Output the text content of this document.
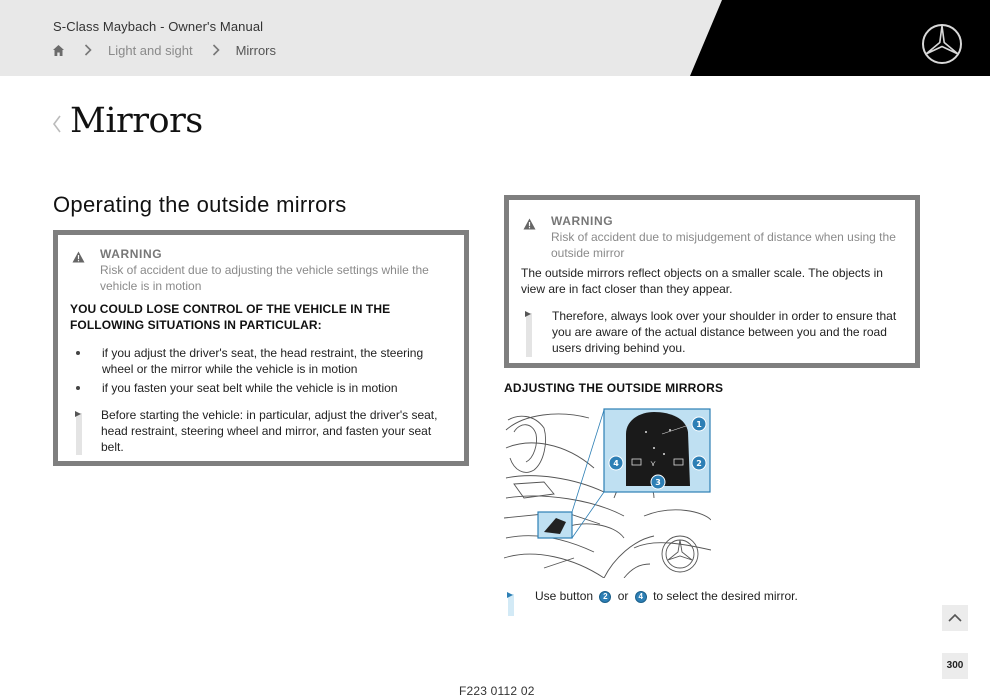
S-Class Maybach - Owner's Manual
Light and sight	Mirrors
Mirrors
Operating the outside mirrors
WARNING
Risk of accident due to adjusting the vehicle settings while the vehicle is in motion
YOU COULD LOSE CONTROL OF THE VEHICLE IN THE FOLLOWING SITUATIONS IN PARTICULAR:
if you adjust the driver's seat, the head restraint, the steering wheel or the mirror while the vehicle is in motion
if you fasten your seat belt while the vehicle is in motion
Before starting the vehicle: in particular, adjust the driver's seat, head restraint, steering wheel and mirror, and fasten your seat belt.
WARNING
Risk of accident due to misjudgement of distance when using the outside mirror
The outside mirrors reflect objects on a smaller scale. The objects in view are in fact closer than they appear.
Therefore, always look over your shoulder in order to ensure that you are aware of the actual distance between you and the road users driving behind you.
ADJUSTING THE OUTSIDE MIRRORS
⋎
1
2
3
4
Use button 2 or 4 to select the desired mirror.
300
F223 0112 02
